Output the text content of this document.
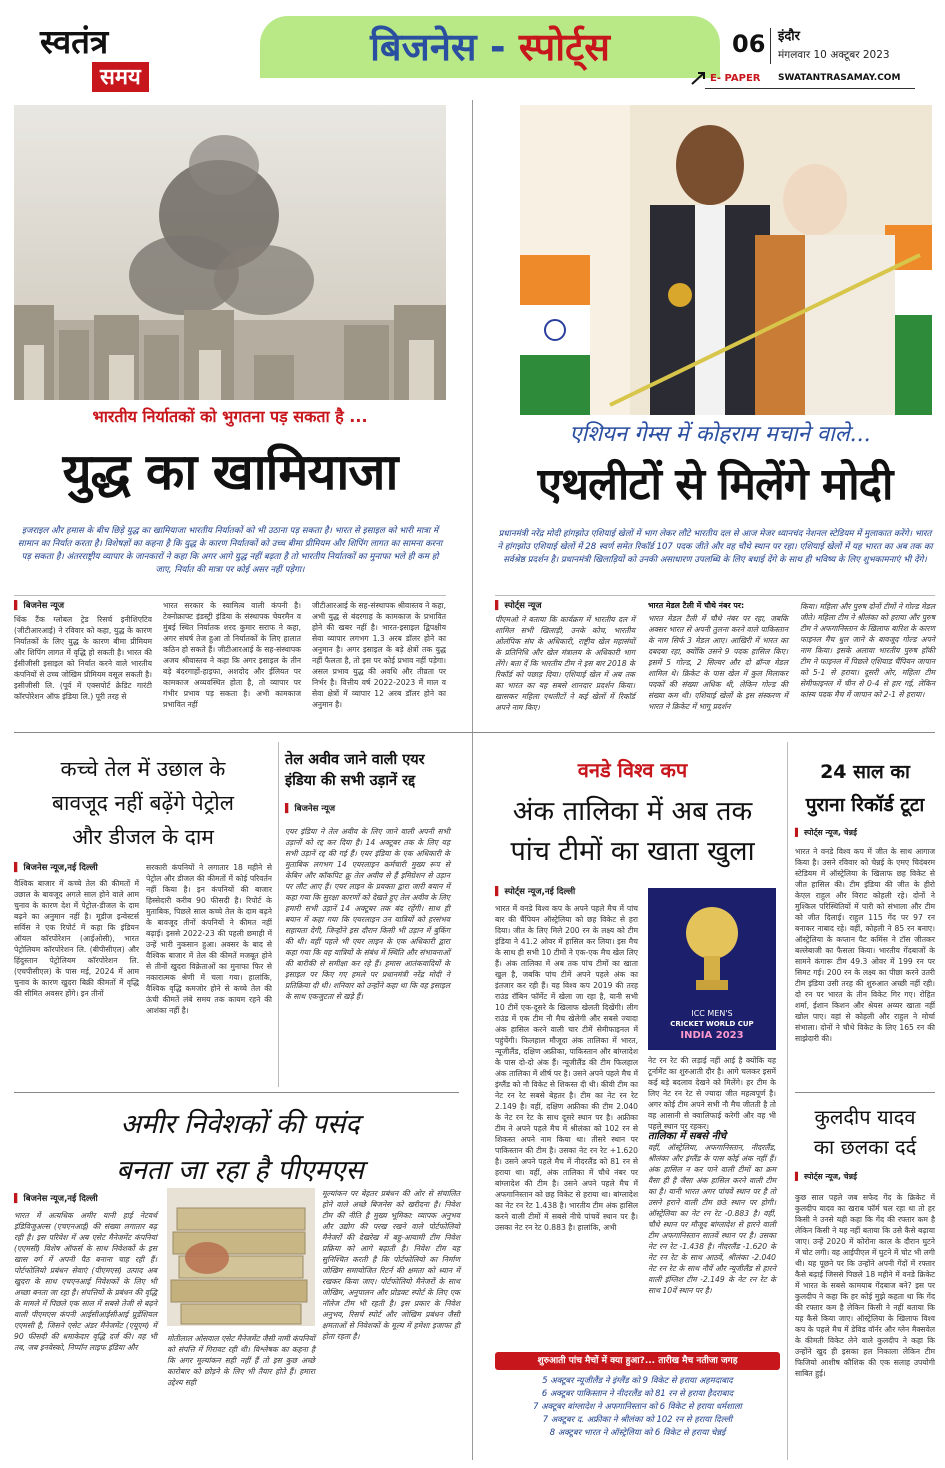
स्वतंत्र
समय
बिजनेस - स्पोर्ट्स	06 इंदौर
मंगलवार 10 अक्टूबर 2023
E- PAPER SWATANTRASAMAY.COM
भारतीय निर्यातकों को भुगतना पड़ सकता है ...
युद्ध का खामियाजा
इजराइल और हमास के बीच छिड़े युद्ध का खामियाजा भारतीय निर्यातकों को भी उठाना पड़ सकता है। भारत से इसाइल को भारी मात्रा में सामान का निर्यात करता है। विशेषज्ञों का कहना है कि युद्ध के कारण निर्यातकों को उच्च बीमा प्रीमियम और शिपिंग लागत का सामना करना पड़ सकता है। अंतरराष्ट्रीय व्यापार के जानकारों ने कहा कि अगर आगे युद्ध नहीं बढ़ता है तो भारतीय निर्यातकों का मुनाफा भले ही कम हो जाए, निर्यात की मात्रा पर कोई असर नहीं पड़ेगा।
▌ बिजनेस न्यूज
थिंक टैंक ग्लोबल ट्रेड रिसर्च इनीशिएटिव (जीटीआरआई) ने रविवार को कहा, युद्ध के कारण निर्यातकों के लिए युद्ध के कारण बीमा प्रीमियम और शिपिंग लागत में वृद्धि हो सकती है। भारत की ईसीजीसी इसाइल को निर्यात करने वाले भारतीय कंपनियों से उच्च जोखिम प्रीमियम वसूल सकती है। इसीजीसी लि. (पूर्व में एक्सपोर्ट क्रेडिट गारंटी कॉरपोरेशन ऑफ इंडिया लि.) पूरी तरह से
भारत सरकार के स्वामित्व वाली कंपनी है। टेक्नोक्राफ्ट इंडस्ट्री इंडिया के संस्थापक चेयरमैन व मुंबई स्थित निर्यातक शरद कुमार सराफ ने कहा, अगर संघर्ष तेज हुआ तो निर्यातकों के लिए हालात कठिन हो सकते हैं। जीटीआरआई के सह-संस्थापक अजय श्रीवास्तव ने कहा कि अगर इसाइल के तीन बड़े बंदरगाहों-हाइफा, अशदोद और ईलियत पर कामकाज अव्यवस्थित होता है, तो व्यापार पर गंभीर प्रभाव पड़ सकता है। अभी कामकाज प्रभावित नहीं
जीटीआरआई के सह-संस्थापक श्रीवास्तव ने कहा, अभी युद्ध से बंदरगाह के कामकाज के प्रभावित होने की खबर नहीं है। भारत-इसाइल द्विपक्षीय सेवा व्यापार लगभग 1.3 अरब डॉलर होने का अनुमान है। अगर इसाइल के बड़े क्षेत्रों तक युद्ध नहीं फैलता है, तो इस पर कोई प्रभाव नहीं पड़ेगा। असल प्रभाव युद्ध की अवधि और तीव्रता पर निर्भर है। वित्तीय वर्ष 2022-2023 में माल व सेवा क्षेत्रों में व्यापार 12 अरब डॉलर होने का अनुमान है।
एशियन गेम्स में कोहराम मचाने वाले...
एथलीटों से मिलेंगे मोदी
प्रधानमंत्री नरेंद्र मोदी हांगझोउ एशियाई खेलों में भाग लेकर लौटे भारतीय दल से आज मेजर ध्यानचंद नेशनल स्टेडियम में मुलाकात करेंगे। भारत ने हांगझोउ एशियाई खेलों में 28 स्वर्ण समेत रिकॉर्ड 107 पदक जीते और वह चौथे स्थान पर रहा। एशियाई खेलों में यह भारत का अब तक का सर्वश्रेष्ठ प्रदर्शन है। प्रधानमंत्री खिलाड़ियों को उनकी असाधारण उपलब्धि के लिए बधाई देंगे के साथ ही भविष्य के लिए शुभकामनाएं भी देंगे।
▌ स्पोर्ट्स न्यूज
पीएमओ ने बताया कि कार्यक्रम में भारतीय दल में शामिल सभी खिलाड़ी, उनके कोच, भारतीय ओलंपिक संघ के अधिकारी, राष्ट्रीय खेल महासंघों के प्रतिनिधि और खेल मंत्रालय के अधिकारी भाग लेंगे। बता दें कि भारतीय टीम ने इस बार 2018 के रिकॉर्ड को पछाड़ दिया। एशियाई खेल में अब तक का भारत का यह सबसे शानदार प्रदर्शन किया। खासकर महिला एथलीटों ने कई खेलों में रिकॉर्ड अपने नाम किए।
भारत मेडल टैली में चौथे नंबर पर:
भारत मेडल टैली में चौथे नंबर पर रहा, जबकि अक्सर भारत से अपनी तुलना करने वाले पाकिस्तान के नाम सिर्फ 3 मेडल आए। आखिरी में भारत का दबदबा रहा, क्योंकि उसने 9 पदक हासिल किए। इसमें 5 गोल्ड, 2 सिल्वर और दो ब्रॉन्ज मेडल शामिल थे। क्रिकेट के पास खेल में कुल मिलाकर पदकों की संख्या अधिक थी, लेकिन गोल्ड की संख्या कम थी। एशियाई खेलों के इस संस्करण में भारत ने क्रिकेट में भागू प्रदर्शन
किया। महिला और पुरुष दोनों टीमों ने गोल्ड मेडल जीते। महिला टीम ने श्रीलंका को हराया और पुरुष टीम ने अफगानिस्तान के खिलाफ बारिश के कारण फाइनल मैच धुल जाने के बावजूद गोल्ड अपने नाम किया। इसके अलावा भारतीय पुरुष हॉकी टीम ने फाइनल में पिछले एशियाड चैंपियन जापान को 5-1 से हराया। दूसरी ओर, महिला टीम सेमीफाइनल में चीन से 0-4 से हार गई, लेकिन कांस्य पदक मैच में जापान को 2-1 से हराया।
कच्चे तेल में उछाल के
बावजूद नहीं बढ़ेंगे पेट्रोल
और डीजल के दाम
▌ बिजनेस न्यूज,नई दिल्ली
वैश्विक बाजार में कच्चे तेल की कीमतों में उछाल के बावजूद अगले साल होने वाले आम चुनाव के कारण देश में पेट्रोल-डीजल के दाम बढ़ने का अनुमान नहीं है। मूडीज इन्वेस्टर्स सर्विस ने एक रिपोर्ट में कहा कि इंडियन ऑयल कॉरपोरेशन (आईओसी), भारत पेट्रोलियम कॉरपोरेशन लि. (बीपीसीएल) और हिंदुस्तान पेट्रोलियम कॉरपोरेशन लि. (एचपीसीएल) के पास मई, 2024 में आम चुनाव के कारण खुदरा बिक्री कीमतों में वृद्धि की सीमित अवसर होंगे। इन तीनों
सरकारी कंपनियों ने लगातार 18 महीने से पेट्रोल और डीजल की कीमतों में कोई परिवर्तन नहीं किया है। इन कंपनियों की बाजार हिस्सेदारी करीब 90 फीसदी है। रिपोर्ट के मुताबिक, पिछले साल कच्चे तेल के दाम बढ़ने के बावजूद तीनों कंपनियों ने कीमत नहीं बढ़ाई। इससे 2022-23 की पहली छमाही में उन्हें भारी नुकसान हुआ। अक्सर के बाद से वैश्विक बाजार में तेल की कीमतें मजबूत होने से तीनों खुदरा विक्रेताओं का मुनाफा फिर से नकारात्मक श्रेणी में चला गया। हालांकि, वैश्विक वृद्धि कमजोर होने से कच्चे तेल की ऊंची कीमतें लंबे समय तक कायम रहने की आशंका नहीं है।
तेल अवीव जाने वाली एयर
इंडिया की सभी उड़ानें रद्द
▌ बिजनेस न्यूज
एयर इंडिया ने तेल अवीव के लिए जाने वाली अपनी सभी उड़ानों को रद्द कर दिया है। 14 अक्टूबर तक के लिए यह सभी उड़ानें रद्द की गई हैं। एयर इंडिया के एक अधिकारी के मुताबिक लगभग 14 एयरलाइन कर्मचारी मुख्य रूप से केबिन और कॉकपिट क्रू तेल अवीव से हैं इमिग्रेशन से उड़ान पर लौट आए हैं। एयर लाइन के प्रवक्ता द्वारा जारी बयान में कहा गया कि सुरक्षा कारणों को देखते हुए तेल अवीव के लिए हमारी सभी उड़ानें 14 अक्टूबर तक बंद रहेंगी। साथ ही बयान में कहा गया कि एयरलाइन उन यात्रियों को हरसंभव सहायता देगी, जिन्होंने इस दौरान किसी भी उड़ान में बुकिंग की थी। वहीं पहले भी एयर लाइन के एक अधिकारी द्वारा कहा गया कि वह यात्रियों के संबंध में स्थिति और संभावनाओं की बारीकी से समीक्षा कर रहे हैं। हमास आतंकवादियों के इसाइल पर किए गए हमले पर प्रधानमंत्री नरेंद्र मोदी ने प्रतिक्रिया दी थी। शनिवार को उन्होंने कहा था कि वह इसाइल के साथ एकजुटता से खड़े हैं।
अमीर निवेशकों की पसंद
बनता जा रहा है पीएमएस
▌ बिजनेस न्यूज,नई दिल्ली
भारत में अत्यधिक अमीर यानी हाई नेटवर्थ इंडिविजुअल्स (एचएनआई) की संख्या लगातार बढ़ रही है। इस परिवेश में अब एसेट मैनेजमेंट कंपनियां (एएमसी) विशेष ऑफर्स के साथ निवेशकों के इस खास वर्ग में अपनी पैठ बनाना चाह रही हैं। पोर्टफोलियो प्रबंधन सेवाएं (पीएमएस) उत्पाद अब खुदरा के साथ एचएनआई निवेशकों के लिए भी अच्छा बनता जा रहा है। संपत्तियों के प्रबंधन की वृद्धि के मामले में पिछले एक साल में सबसे तेजी से बढ़ने वाली पीएमएस कंपनी आईसीआईसीआई प्रूडेंशियल एएमसी है, जिसने एसेट अंडर मैनेजमेंट (एयूएम) में 90 फीसदी की धमाकेदार वृद्धि दर्ज की। वह भी तब, जब इनवेस्को, निप्पॉन लाइफ इंडिया और
मोतीलाल ओसवाल एसेट मैनेजमेंट जैसी नामी कंपनियों को संपत्ति में गिरावट रही थी। विश्लेषक का कहना है कि अगर मूल्यांकन सही नहीं हैं तो इस कुछ अच्छे कारोबार को छोड़ने के लिए भी तैयार होते हैं। हमारा उद्देश्य सही
मूल्यांकन पर बेहतर प्रबंधन की ओर से संचालित होने वाले अच्छे बिजनेस को खरीदना है। निवेश टीम की नीति है मुख्य भूमिका: व्यापक अनुभव और उद्योग की परख रखने वाले पोर्टफोलियो मैनेजरों की देखरेख में बहु-आयामी टीम निवेश प्रक्रिया को आगे बढ़ाती है। निवेश टीम यह सुनिश्चित करती है कि पोर्टफोलियो का निर्माण जोखिम समायोजित रिटर्न की क्षमता को ध्यान में रखकर किया जाए। पोर्टफोलियो मैनेजरों के साथ जोखिम, अनुपालन और प्रोडक्ट स्पोर्ट के लिए एक नॉलेज टीम भी रहती है। इस प्रकार के निवेश अनुभव, रिसर्च स्पोर्ट और जोखिम प्रबंधन जैसी क्षमताओं से निवेशकों के मूल्य में हमेशा इजाफा ही होता रहता है।
वनडे विश्व कप
अंक तालिका में अब तक
पांच टीमों का खाता खुला
▌ स्पोर्ट्स न्यूज,नई दिल्ली
भारत में वनडे विश्व कप के अपने पहले मैच में पांच बार की चैंपियन ऑस्ट्रेलिया को छह विकेट से हरा दिया। जीत के लिए मिले 200 रन के लक्ष्य को टीम इंडिया ने 41.2 ओवर में हासिल कर लिया। इस मैच के साथ ही सभी 10 टीमों ने एक-एक मैच खेल लिए हैं। अंक तालिका में अब तक पांच टीमों का खाता खुल है, जबकि पांच टीमें अपने पहले अंक का इंतजार कर रही हैं। यह विश्व कप 2019 की तरह राउंड रॉबिन फॉर्मेट में खेला जा रहा है, यानी सभी 10 टीमें एक-दूसरे के खिलाफ खेलती दिखेंगी। लीग राउंड में एक टीम नौ मैच खेलेगी और सबसे ज्यादा अंक हासिल करने वाली चार टीमें सेमीफाइनल में पहुंचेंगी। फिलहाल मौजूदा अंक तालिका में भारत, न्यूजीलैंड, दक्षिण अफ्रीका, पाकिस्तान और बांग्लादेश के पास दो-दो अंक हैं। न्यूजीलैंड की टीम फिलहाल अंक तालिका में शीर्ष पर है। उसने अपने पहले मैच में इंग्लैंड को नौ विकेट से शिकस्त दी थी। कीवी टीम का नेट रन रेट सबसे बेहतर है। टीम का नेट रन रेट 2.149 है। वहीं, दक्षिण अफ्रीका की टीम 2.040 के नेट रन रेट के साथ दूसरे स्थान पर है। अफ्रीका टीम ने अपने पहले मैच में श्रीलंका को 102 रन से शिकस्त अपने नाम किया था। तीसरे स्थान पर पाकिस्तान की टीम है। उसका नेट रन रेट +1.620 है। उसने अपने पहले मैच में नीदरलैंड को 81 रन से हराया था। वहीं, अंक तालिका में चौथे नंबर पर बांग्लादेश की टीम है। उसने अपने पहले मैच में अफगानिस्तान को छह विकेट से हराया था। बांग्लादेश का नेट रन रेट 1.438 है। भारतीय टीम अंक हासिल करने वाली टीमों में सबसे नीचे पांचवें स्थान पर है। उसका नेट रन रेट 0.883 है। हालांकि, अभी
ICC MEN'S
CRICKET WORLD CUP
INDIA 2023
नेट रन रेट की लड़ाई नहीं आई है क्योंकि यह टूर्नामेंट का शुरुआती दौर है। आगे चलकर इसमें कई बड़े बदलाव देखने को मिलेंगे। हर टीम के लिए नेट रन रेट से ज्यादा जीत महत्वपूर्ण है। अगर कोई टीम अपने सभी नौ मैच जीतती है तो वह आसानी से क्वालिफाई करेगी और वह भी पहले स्थान पर रहकर।
तालिका में सबसे नीचे
वहीं, ऑस्ट्रेलिया, अफगानिस्तान, नीदरलैंड, श्रीलंका और इंग्लैंड के पास कोई अंक नहीं हैं। अंक हासिल न कर पाने वाली टीमों का क्रम वैसा ही है जैसा अंक हासिल करने वाली टीम का है। यानी भारत अगर पांचवें स्थान पर है तो उसने हराने वाली टीम छठे स्थान पर होगी। ऑस्ट्रेलिया का नेट रन रेट -0.883 है। वहीं, चौथे स्थान पर मौजूद बांग्लादेश से हारने वाली टीम अफगानिस्तान सातवें स्थान पर है। उसका नेट रन रेट -1.438 है। नीदरलैंड -1.620 के नेट रन रेट के साथ आठवें, श्रीलंका -2.040 नेट रन रेट के साथ नौवें और न्यूजीलैंड से हारने वाली इंग्लिश टीम -2.149 के नेट रन रेट के साथ 10वें स्थान पर है।
शुरुआती पांच मैचों में क्या हुआ?... तारीख मैच नतीजा जगह
5 अक्टूबर न्यूजीलैंड ने इंग्लैंड को 9 विकेट से हराया अहमदाबाद
6 अक्टूबर पाकिस्तान ने नीदरलैंड को 81 रन से हराया हैदराबाद
7 अक्टूबर बांग्लादेश ने अफगानिस्तान को 6 विकेट से हराया धर्मशाला
7 अक्टूबर द. अफ्रीका ने श्रीलंका को 102 रन से हराया दिल्ली
8 अक्टूबर भारत ने ऑस्ट्रेलिया को 6 विकेट से हराया चेन्नई
24 साल का
पुराना रिकॉर्ड टूटा
▌ स्पोर्ट्स न्यूज, चेन्नई
भारत ने वनडे विश्व कप में जीत के साथ आगाज किया है। उसने रविवार को चेन्नई के एमए चिदंबरम स्टेडियम में ऑस्ट्रेलिया के खिलाफ छह विकेट से जीत हासिल की। टीम इंडिया की जीत के हीरो केएल राहुल और विराट कोहली रहे। दोनों ने मुश्किल परिस्थितियों में पारी को संभाला और टीम को जीत दिलाई। राहुल 115 गेंद पर 97 रन बनाकर नाबाद रहे। वहीं, कोहली ने 85 रन बनाए। ऑस्ट्रेलिया के कप्तान पैट कमिंस ने टॉस जीतकर बल्लेबाजी का फैसला किया। भारतीय गेंदबाजों के सामने कंगारू टीम 49.3 ओवर में 199 रन पर सिमट गई। 200 रन के लक्ष्य का पीछा करने उतरी टीम इंडिया उसी तरह की शुरुआत अच्छी नहीं रही। दो रन पर भारत के तीन विकेट गिर गए। रोहित शर्मा, ईशान किशन और श्रेयस अय्यर खाता नहीं खोल पाए। वहां से कोहली और राहुल ने मोर्चा संभाला। दोनों ने चौथे विकेट के लिए 165 रन की साझेदारी की।
कुलदीप यादव
का छलका दर्द
▌ स्पोर्ट्स न्यूज, चेन्नई
कुछ साल पहले जब सफेद गेंद के क्रिकेट में कुलदीप यादव का खराब फॉर्म चल रहा था तो हर किसी ने उनसे यही कहा कि गेंद की रफ्तार कम है लेकिन किसी ने यह नहीं बताया कि उसे कैसे बढ़ाया जाए। उन्हें 2020 में कोरोना काल के दौरान घुटने में चोट लगी। वह आईपीएल में घुटने में चोट भी लगी थी। यह पूछने पर कि उन्होंने अपनी गेंदों में रफ्तार कैसे बढ़ाई जिससे पिछले 18 महीने में वनडे क्रिकेट में भारत के सबसे कामयाब गेंदबाज बने? इस पर कुलदीप ने कहा कि हर कोई मुझे कहता था कि गेंद की रफ्तार कम है लेकिन किसी ने नहीं बताया कि यह कैसे किया जाए। ऑस्ट्रेलिया के खिलाफ विश्व कप के पहले मैच में डेविड वॉर्नर और ग्लेन मैक्सवेल के कीमती विकेट लेने वाले कुलदीप ने कहा कि उन्होंने खुद ही इसका हल निकाला लेकिन टीम फिजियो आशीष कौशिक की एक सलाह उपयोगी साबित हुई।
